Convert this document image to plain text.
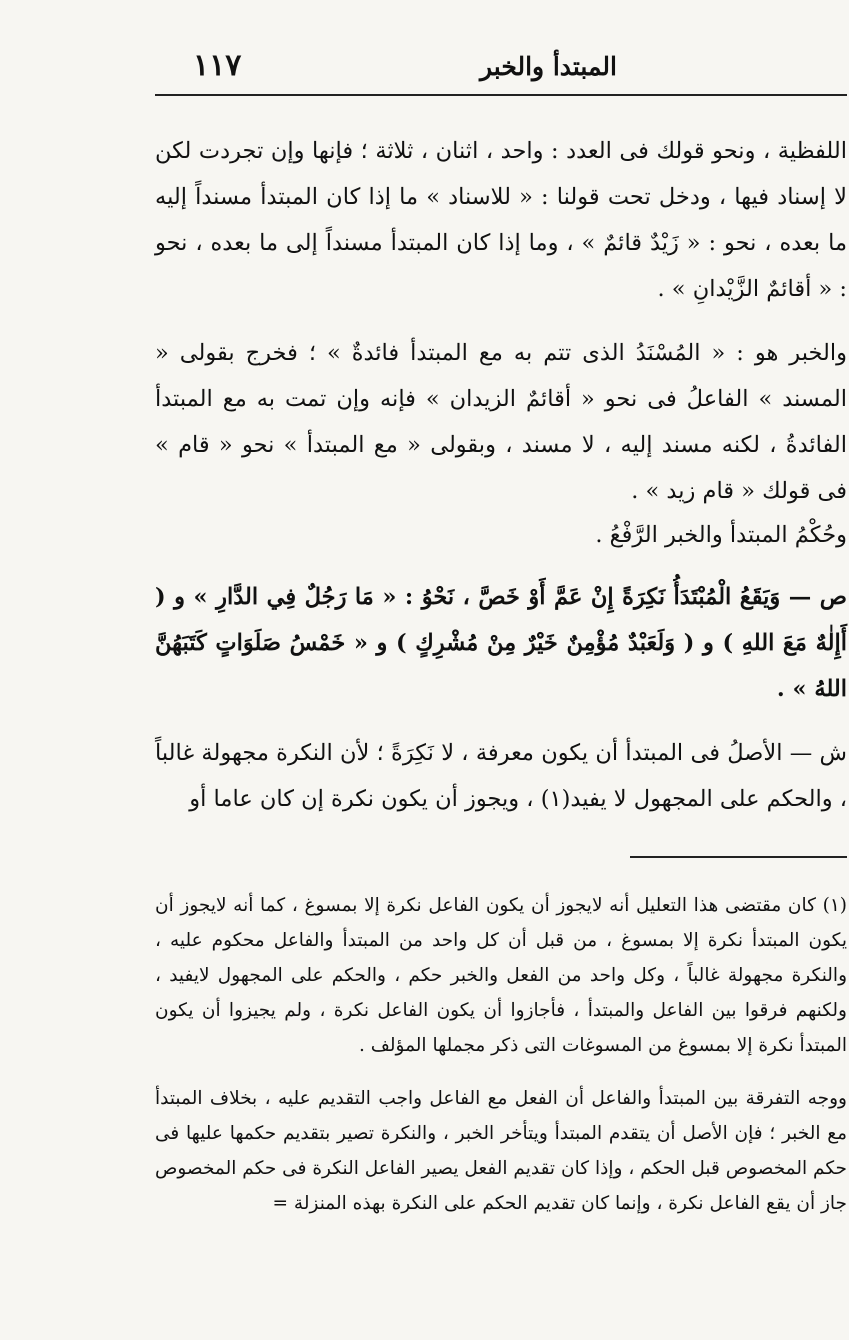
المبتدأ والخبر
١١٧

اللفظية ، ونحو قولك فى العدد : واحد ، اثنان ، ثلاثة ؛ فإنها وإن تجردت لكن لا إسناد فيها ، ودخل تحت قولنا : « للاسناد » ما إذا كان المبتدأ مسنداً إليه ما بعده ، نحو : « زَيْدٌ قائمٌ » ، وما إذا كان المبتدأ مسنداً إلى ما بعده ، نحو : « أقائمٌ الزَّيْدانِ » .

والخبر هو : « المُسْنَدُ الذى تتم به مع المبتدأ فائدةٌ » ؛ فخرج بقولى « المسند » الفاعلُ فى نحو « أقائمٌ الزيدان » فإنه وإن تمت به مع المبتدأ الفائدةُ ، لكنه مسند إليه ، لا مسند ، وبقولى « مع المبتدأ » نحو « قام » فى قولك « قام زيد » .

وحُكْمُ المبتدأ والخبر الرَّفْعُ .

ص — وَيَقَعُ الْمُبْتَدَأُ نَكِرَةً إِنْ عَمَّ أَوْ خَصَّ ، نَحْوُ : « مَا رَجُلٌ فِي الدَّارِ » و ( أَإِلٰهٌ مَعَ اللهِ ) و ( وَلَعَبْدٌ مُؤْمِنٌ خَيْرٌ مِنْ مُشْرِكٍ ) و « خَمْسُ صَلَوَاتٍ كَتَبَهُنَّ اللهُ » .

ش — الأصلُ فى المبتدأ أن يكون معرفة ، لا نَكِرَةً ؛ لأن النكرة مجهولة غالباً ، والحكم على المجهول لا يفيد(١) ، ويجوز أن يكون نكرة إن كان عاما أو

(١) كان مقتضى هذا التعليل أنه لايجوز أن يكون الفاعل نكرة إلا بمسوغ ، كما أنه لايجوز أن يكون المبتدأ نكرة إلا بمسوغ ، من قبل أن كل واحد من المبتدأ والفاعل محكوم عليه ، والنكرة مجهولة غالباً ، وكل واحد من الفعل والخبر حكم ، والحكم على المجهول لايفيد ، ولكنهم فرقوا بين الفاعل والمبتدأ ، فأجازوا أن يكون الفاعل نكرة ، ولم يجيزوا أن يكون المبتدأ نكرة إلا بمسوغ من المسوغات التى ذكر مجملها المؤلف .

ووجه التفرقة بين المبتدأ والفاعل أن الفعل مع الفاعل واجب التقديم عليه ، بخلاف المبتدأ مع الخبر ؛ فإن الأصل أن يتقدم المبتدأ ويتأخر الخبر ، والنكرة تصير بتقديم حكمها عليها فى حكم المخصوص قبل الحكم ، وإذا كان تقديم الفعل يصير الفاعل النكرة فى حكم المخصوص جاز أن يقع الفاعل نكرة ، وإنما كان تقديم الحكم على النكرة بهذه المنزلة =
